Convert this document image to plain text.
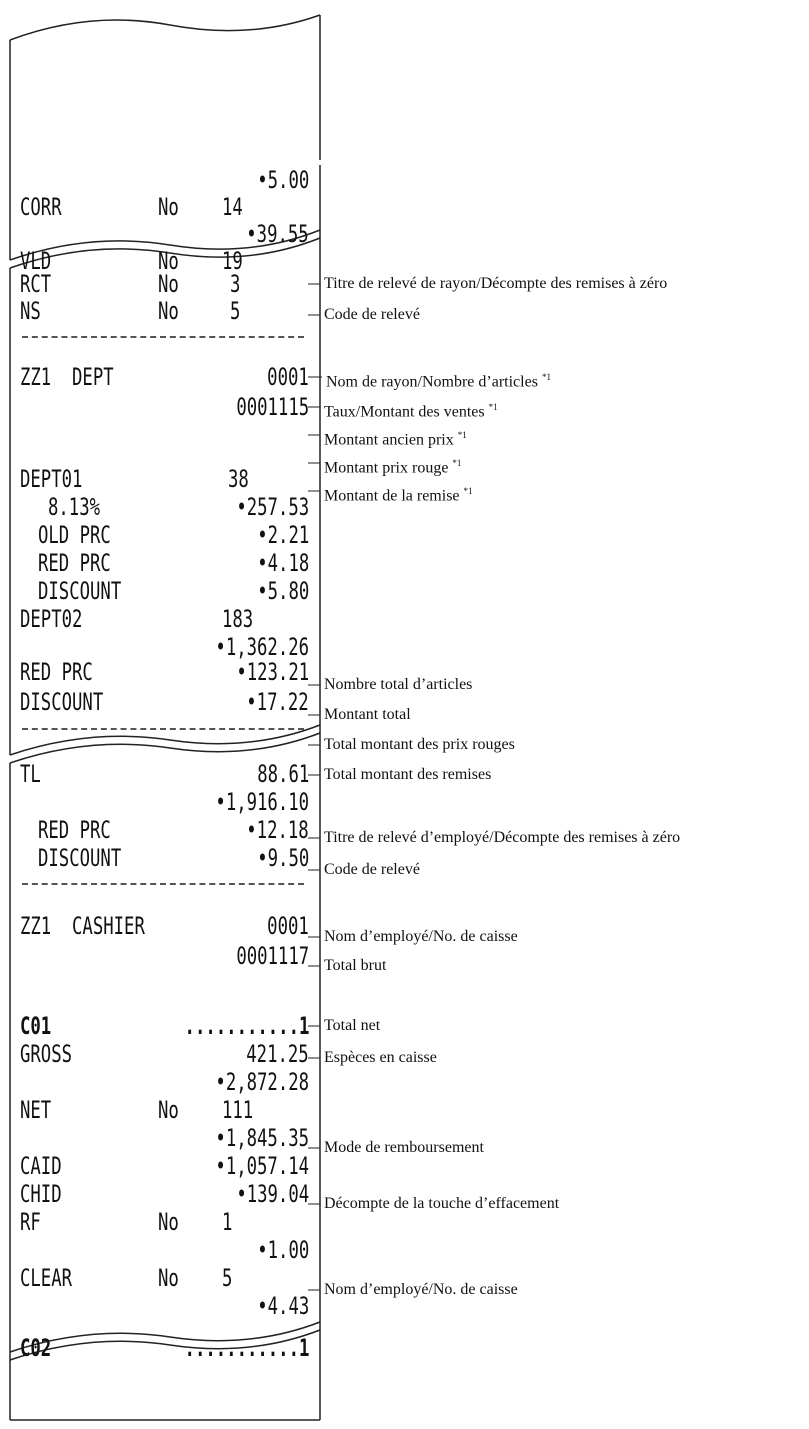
•5.00
CORR	No 14
•39.55
VLD	No 19
RCT	No 3
NS	No 5
ZZ1  DEPT	0001
0001115
DEPT01	38
8.13%	•257.53
OLD PRC	•2.21
RED PRC	•4.18
DISCOUNT	•5.80
DEPT02	183
•1,362.26
RED PRC	•123.21
DISCOUNT	•17.22
TL	88.61
•1,916.10
RED PRC	•12.18
DISCOUNT	•9.50
ZZ1  CASHIER	0001
0001117
C01	...........1
GROSS	421.25
•2,872.28
NET	No 111
•1,845.35
CAID	•1,057.14
CHID	•139.04
RF	No 1
•1.00
CLEAR	No 5
•4.43
C02	...........1
Titre de relevé de rayon/Décompte des remises à zéro
Code de relevé
Nom de rayon/Nombre d’articles $^{*1}$
Taux/Montant des ventes $^{*1}$
Montant ancien prix $^{*1}$
Montant prix rouge $^{*1}$
Montant de la remise $^{*1}$
Nombre total d’articles
Montant total
Total montant des prix rouges
Total montant des remises
Titre de relevé d’employé/Décompte des remises à zéro
Code de relevé
Nom d’employé/No. de caisse
Total brut
Total net
Espèces en caisse
Mode de remboursement
Décompte de la touche d’effacement
Nom d’employé/No. de caisse
